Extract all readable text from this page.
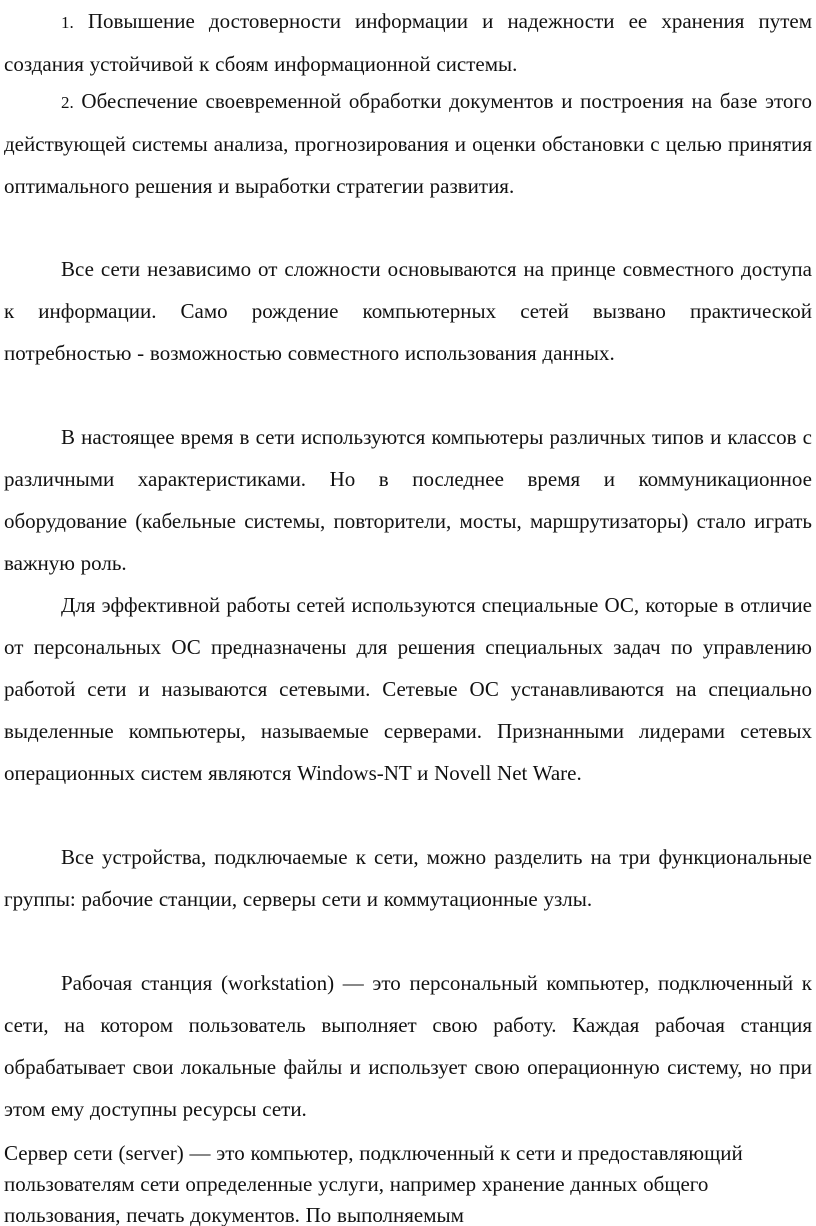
1. Повышение достоверности информации и надежности ее хранения путем создания устойчивой к сбоям информационной системы.

2. Обеспечение своевременной обработки документов и построения на базе этого действующей системы анализа, прогнозирования и оценки обстановки с целью принятия оптимального решения и выработки стратегии развития.

Все сети независимо от сложности основываются на принце совместного доступа к информации. Само рождение компьютерных сетей вызвано практической потребностью - возможностью совместного использования данных.

В настоящее время в сети используются компьютеры различных типов и классов с различными характеристиками. Но в последнее время и коммуникационное оборудование (кабельные системы, повторители, мосты, маршрутизаторы) стало играть важную роль.

Для эффективной работы сетей используются специальные ОС, которые в отличие от персональных ОС предназначены для решения специальных задач по управлению работой сети и называются сетевыми. Сетевые ОС устанавливаются на специально выделенные компьютеры, называемые серверами. Признанными лидерами сетевых операционных систем являются Windows-NT и Novell Net Ware.

Все устройства, подключаемые к сети, можно разделить на три функциональные группы: рабочие станции, серверы сети и коммутационные узлы.

Рабочая станция (workstation) — это персональный компьютер, подключенный к сети, на котором пользователь выполняет свою работу. Каждая рабочая станция обрабатывает свои локальные файлы и использует свою операционную систему, но при этом ему доступны ресурсы сети.

Сервер сети (server) — это компьютер, подключенный к сети и предоставляющий пользователям сети определенные услуги, например хранение данных общего пользования, печать документов. По выполняемым
